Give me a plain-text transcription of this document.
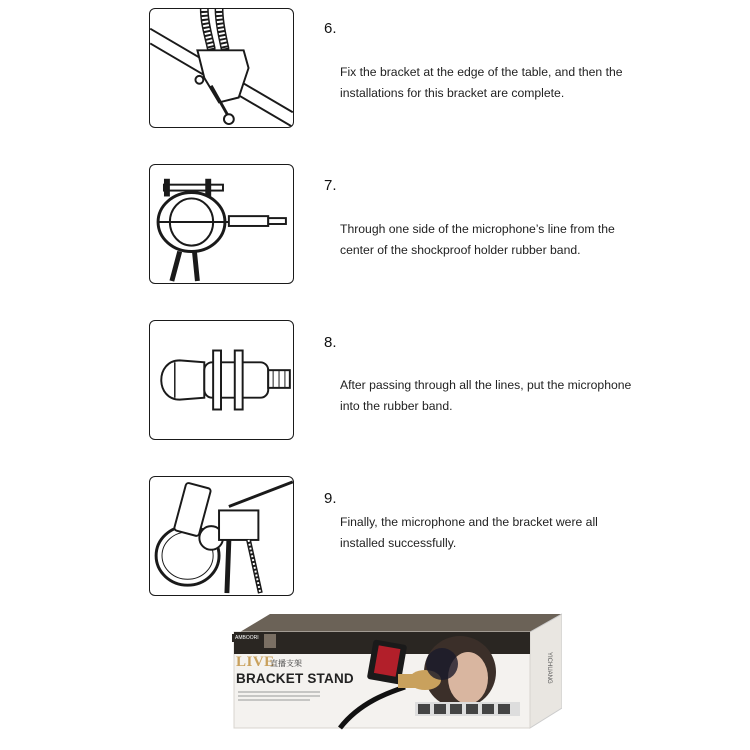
6.
Fix the bracket at the edge of the table, and then the
installations for this bracket are complete.
7.
Through one side of the microphone’s line from the
center of the shockproof holder rubber band.
8.
After passing through all the lines, put the microphone
into the rubber band.
9.
Finally, the microphone and the bracket were all
installed successfully.
AMBOORI
LIVE
直播支架
BRACKET STAND	YICHUANG
